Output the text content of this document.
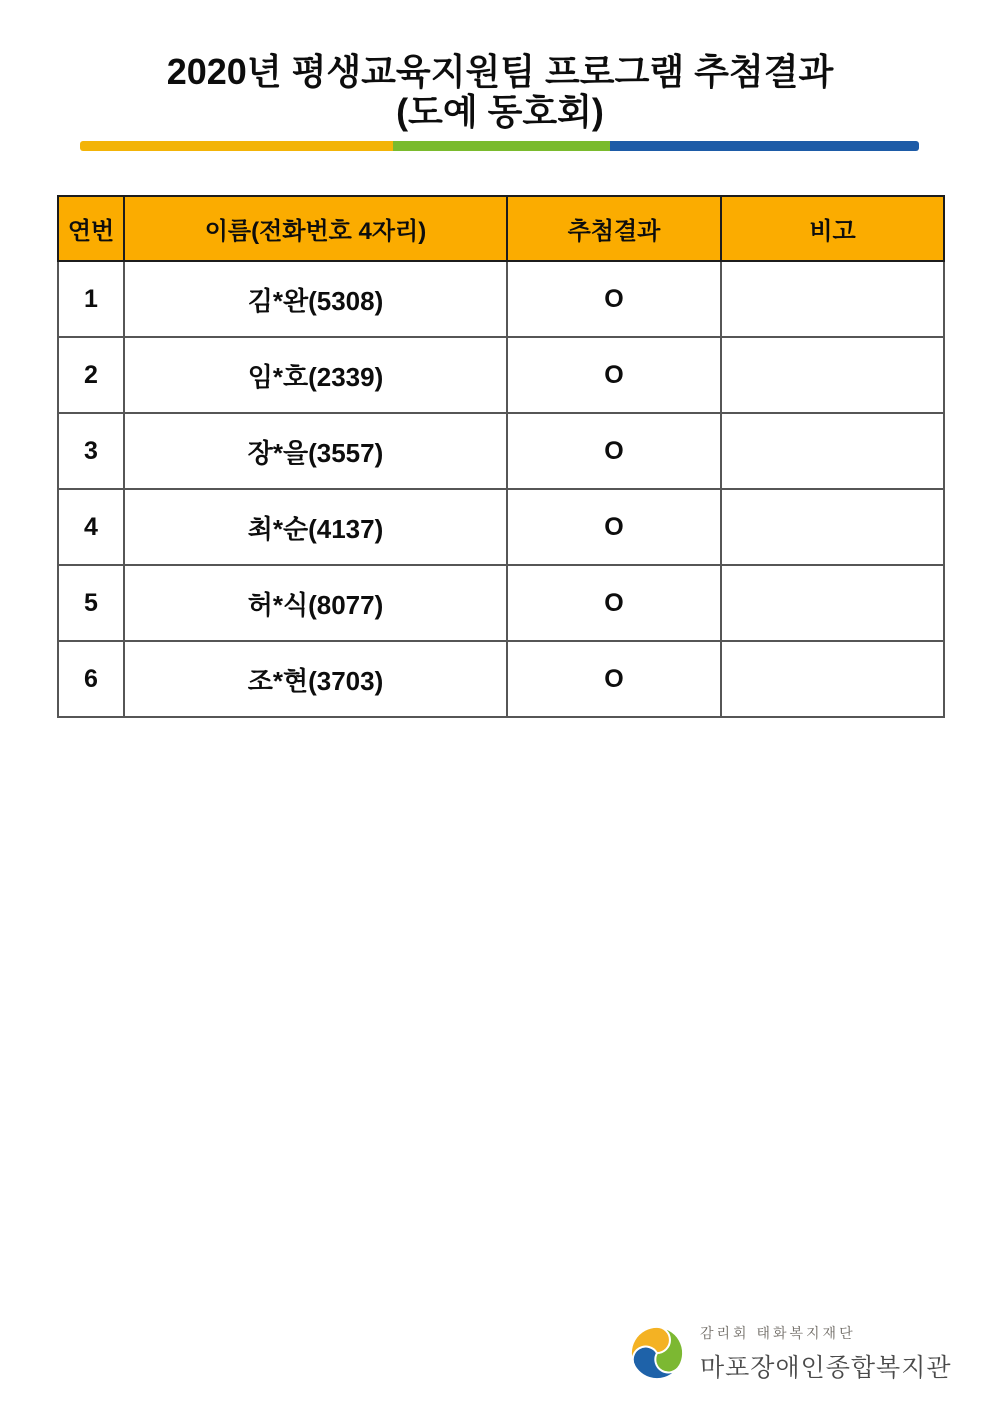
2020년 평생교육지원팀 프로그램 추첨결과
(도예 동호회)
연번	이름(전화번호 4자리)	추첨결과	비고
1	김*완(5308)	O	
2	임*호(2339)	O	
3	장*을(3557)	O	
4	최*순(4137)	O	
5	허*식(8077)	O	
6	조*현(3703)	O	
감리회 태화복지재단
마포장애인종합복지관
